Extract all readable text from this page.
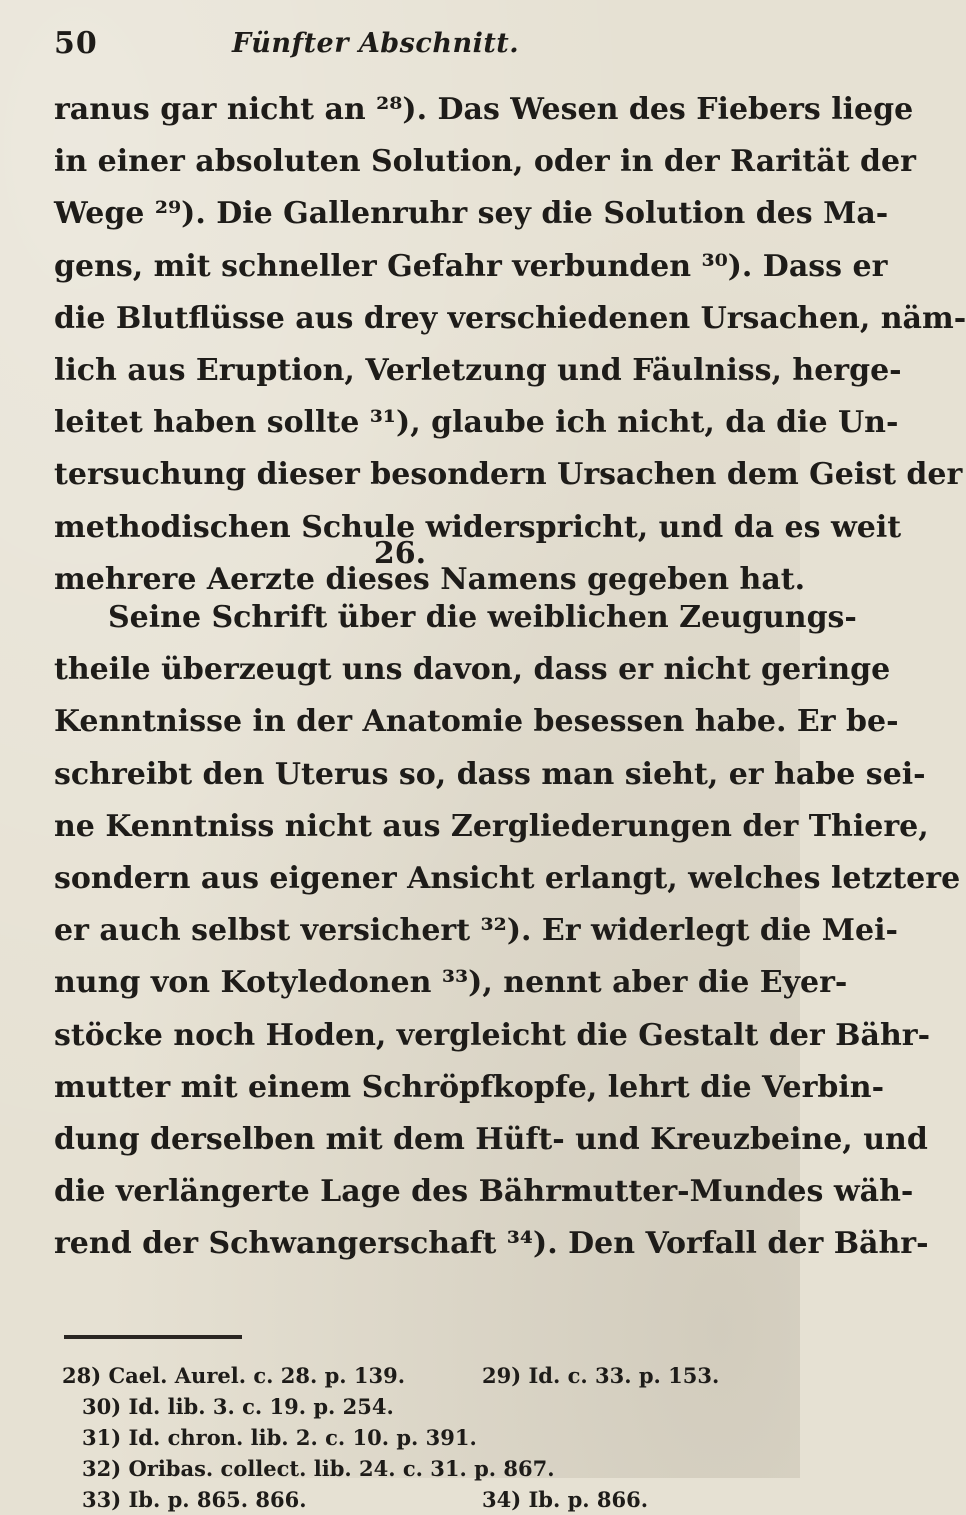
50	Fünfter Abschnitt.
ranus gar nicht an ²⁸). Das Wesen des Fiebers liege
in einer absoluten Solution, oder in der Rarität der
Wege ²⁹). Die Gallenruhr sey die Solution des Ma-
gens, mit schneller Gefahr verbunden ³⁰). Dass er
die Blutflüsse aus drey verschiedenen Ursachen, näm-
lich aus Eruption, Verletzung und Fäulniss, herge-
leitet haben sollte ³¹), glaube ich nicht, da die Un-
tersuchung dieser besondern Ursachen dem Geist der
methodischen Schule widerspricht, und da es weit
mehrere Aerzte dieses Namens gegeben hat.
26.
Seine Schrift über die weiblichen Zeugungs-
theile überzeugt uns davon, dass er nicht geringe
Kenntnisse in der Anatomie besessen habe. Er be-
schreibt den Uterus so, dass man sieht, er habe sei-
ne Kenntniss nicht aus Zergliederungen der Thiere,
sondern aus eigener Ansicht erlangt, welches letztere
er auch selbst versichert ³²). Er widerlegt die Mei-
nung von Kotyledonen ³³), nennt aber die Eyer-
stöcke noch Hoden, vergleicht die Gestalt der Bähr-
mutter mit einem Schröpfkopfe, lehrt die Verbin-
dung derselben mit dem Hüft- und Kreuzbeine, und
die verlängerte Lage des Bährmutter-Mundes wäh-
rend der Schwangerschaft ³⁴). Den Vorfall der Bähr-
28) Cael. Aurel. c. 28. p. 139.	29) Id. c. 33. p. 153.
30) Id. lib. 3. c. 19. p. 254.
31) Id. chron. lib. 2. c. 10. p. 391.
32) Oribas. collect. lib. 24. c. 31. p. 867.
33) Ib. p. 865. 866.	34) Ib. p. 866.
